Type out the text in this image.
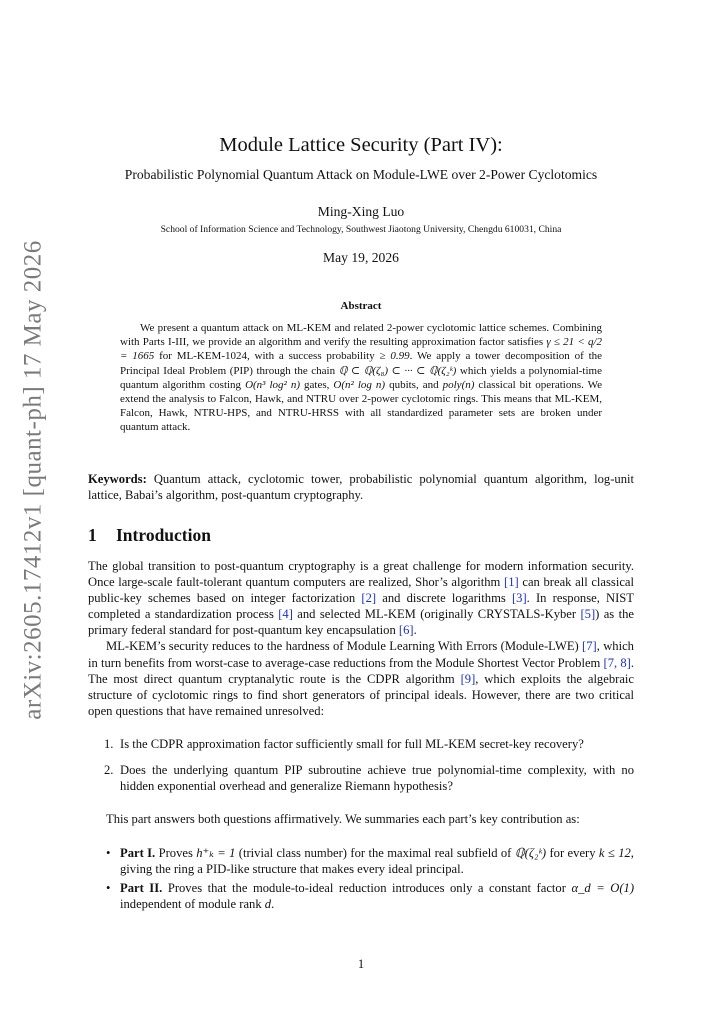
arXiv:2605.17412v1 [quant-ph] 17 May 2026
Module Lattice Security (Part IV):
Probabilistic Polynomial Quantum Attack on Module-LWE over 2-Power Cyclotomics
Ming-Xing Luo
School of Information Science and Technology, Southwest Jiaotong University, Chengdu 610031, China
May 19, 2026
Abstract

We present a quantum attack on ML-KEM and related 2-power cyclotomic lattice schemes. Combining with Parts I-III, we provide an algorithm and verify the resulting approximation factor satisfies γ ≤ 21 < q/2 = 1665 for ML-KEM-1024, with a success probability ≥ 0.99. We apply a tower decomposition of the Principal Ideal Problem (PIP) through the chain ℚ ⊂ ℚ(ζ₈) ⊂ ··· ⊂ ℚ(ζ₂ᵏ) which yields a polynomial-time quantum algorithm costing O(n³ log² n) gates, O(n² log n) qubits, and poly(n) classical bit operations. We extend the analysis to Falcon, Hawk, and NTRU over 2-power cyclotomic rings. This means that ML-KEM, Falcon, Hawk, NTRU-HPS, and NTRU-HRSS with all standardized parameter sets are broken under quantum attack.

Keywords: Quantum attack, cyclotomic tower, probabilistic polynomial quantum algorithm, log-unit lattice, Babai’s algorithm, post-quantum cryptography.

1 Introduction

The global transition to post-quantum cryptography is a great challenge for modern information security. Once large-scale fault-tolerant quantum computers are realized, Shor’s algorithm [1] can break all classical public-key schemes based on integer factorization [2] and discrete logarithms [3]. In response, NIST completed a standardization process [4] and selected ML-KEM (originally CRYSTALS-Kyber [5]) as the primary federal standard for post-quantum key encapsulation [6].

ML-KEM’s security reduces to the hardness of Module Learning With Errors (Module-LWE) [7], which in turn benefits from worst-case to average-case reductions from the Module Shortest Vector Problem [7, 8]. The most direct quantum cryptanalytic route is the CDPR algorithm [9], which exploits the algebraic structure of cyclotomic rings to find short generators of principal ideals. However, there are two critical open questions that have remained unresolved:

1. Is the CDPR approximation factor sufficiently small for full ML-KEM secret-key recovery?
2. Does the underlying quantum PIP subroutine achieve true polynomial-time complexity, with no hidden exponential overhead and generalize Riemann hypothesis?

This part answers both questions affirmatively. We summaries each part’s key contribution as:

• Part I. Proves h⁺ₖ = 1 (trivial class number) for the maximal real subfield of ℚ(ζ₂ᵏ) for every k ≤ 12, giving the ring a PID-like structure that makes every ideal principal.
• Part II. Proves that the module-to-ideal reduction introduces only a constant factor α_d = O(1) independent of module rank d.
1
